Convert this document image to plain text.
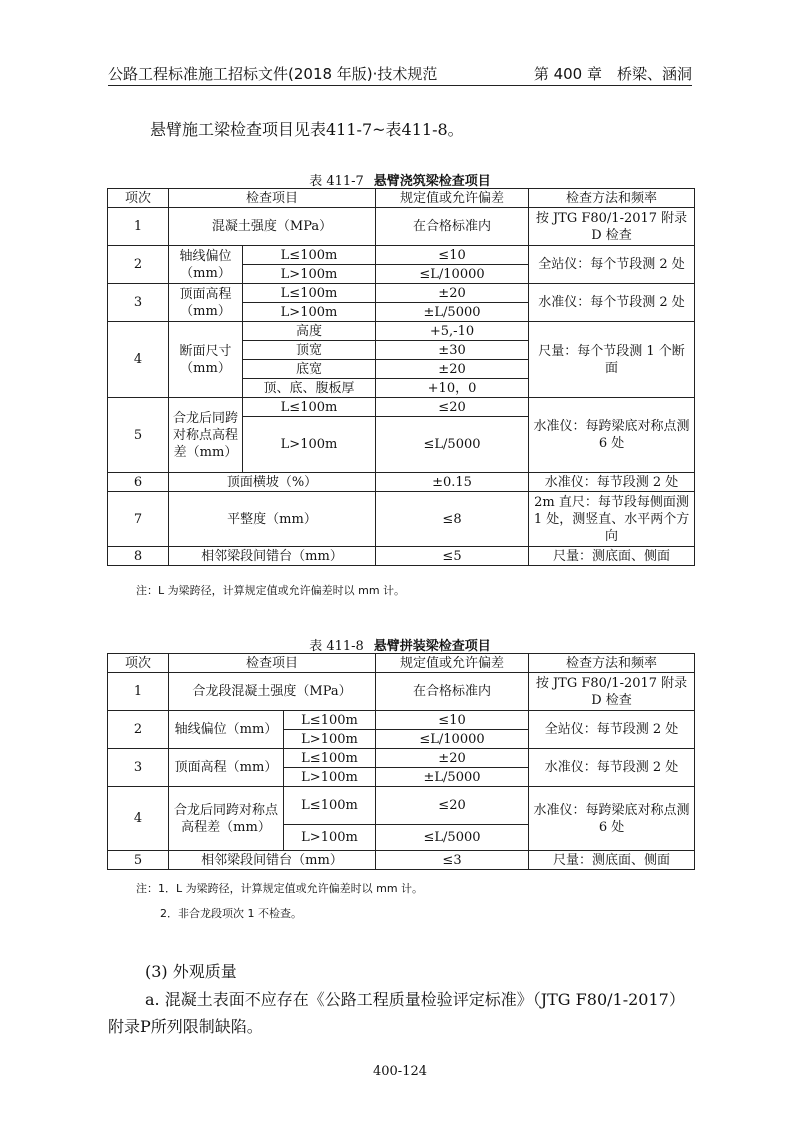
公路工程标准施工招标文件(2018 年版)·技术规范	第 400 章　桥梁、涵洞
悬臂施工梁检查项目见表411-7~表411-8。
表 411-7 悬臂浇筑梁检查项目
项次	检查项目		规定值或允许偏差	检查方法和频率
1	混凝土强度（MPa）		在合格标准内	按 JTG F80/1-2017 附录 D 检查
2	轴线偏位（mm）	L≤100m	≤10	全站仪：每个节段测 2 处
		L>100m	≤L/10000	
3	顶面高程（mm）	L≤100m	±20	水准仪：每个节段测 2 处
		L>100m	±L/5000	
4	断面尺寸（mm）	高度	+5,-10	尺量：每个节段测 1 个断面
		顶宽	±30	
		底宽	±20	
		顶、底、腹板厚	+10，0	
5	合龙后同跨对称点高程差（mm）	L≤100m	≤20	水准仪：每跨梁底对称点测 6 处
		L>100m	≤L/5000	
6	顶面横坡（%）		±0.15	水准仪：每节段测 2 处
7	平整度（mm）		≤8	2m 直尺：每节段每侧面测 1 处，测竖直、水平两个方向
8	相邻梁段间错台（mm）		≤5	尺量：测底面、侧面
注：L 为梁跨径，计算规定值或允许偏差时以 mm 计。
表 411-8 悬臂拼装梁检查项目
项次	检查项目		规定值或允许偏差	检查方法和频率
1	合龙段混凝土强度（MPa）		在合格标准内	按 JTG F80/1-2017 附录 D 检查
2	轴线偏位（mm）	L≤100m	≤10	全站仪：每节段测 2 处
		L>100m	≤L/10000	
3	顶面高程（mm）	L≤100m	±20	水准仪：每节段测 2 处
		L>100m	±L/5000	
4	合龙后同跨对称点高程差（mm）	L≤100m	≤20	水准仪：每跨梁底对称点测 6 处
		L>100m	≤L/5000	
5	相邻梁段间错台（mm）		≤3	尺量：测底面、侧面
注：1．L 为梁跨径，计算规定值或允许偏差时以 mm 计。
2．非合龙段项次 1 不检查。
(3) 外观质量
a. 混凝土表面不应存在《公路工程质量检验评定标准》（JTG F80/1-2017）附录P所列限制缺陷。
400-124
